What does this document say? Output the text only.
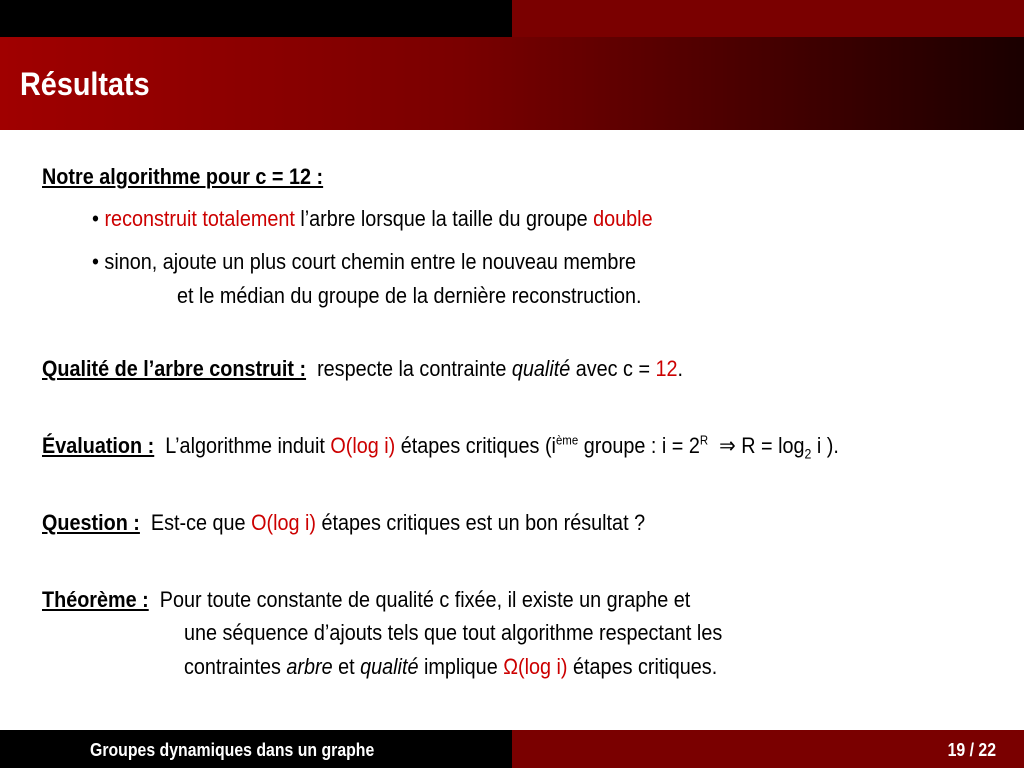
Résultats
Notre algorithme pour c = 12 :
• reconstruit totalement l’arbre lorsque la taille du groupe double
• sinon, ajoute un plus court chemin entre le nouveau membre
et le médian du groupe de la dernière reconstruction.
Qualité de l’arbre construit : respecte la contrainte qualité avec c = 12.
Évaluation : L’algorithme induit O(log i) étapes critiques ($i^{ème}$ groupe : $i = 2^R$ ⇒ $R = \log_2 i$ ).
Question : Est-ce que O(log i) étapes critiques est un bon résultat ?
Théorème : Pour toute constante de qualité c fixée, il existe un graphe et
une séquence d’ajouts tels que tout algorithme respectant les
contraintes arbre et qualité implique Ω(log i) étapes critiques.
Groupes dynamiques dans un graphe	19 / 22
